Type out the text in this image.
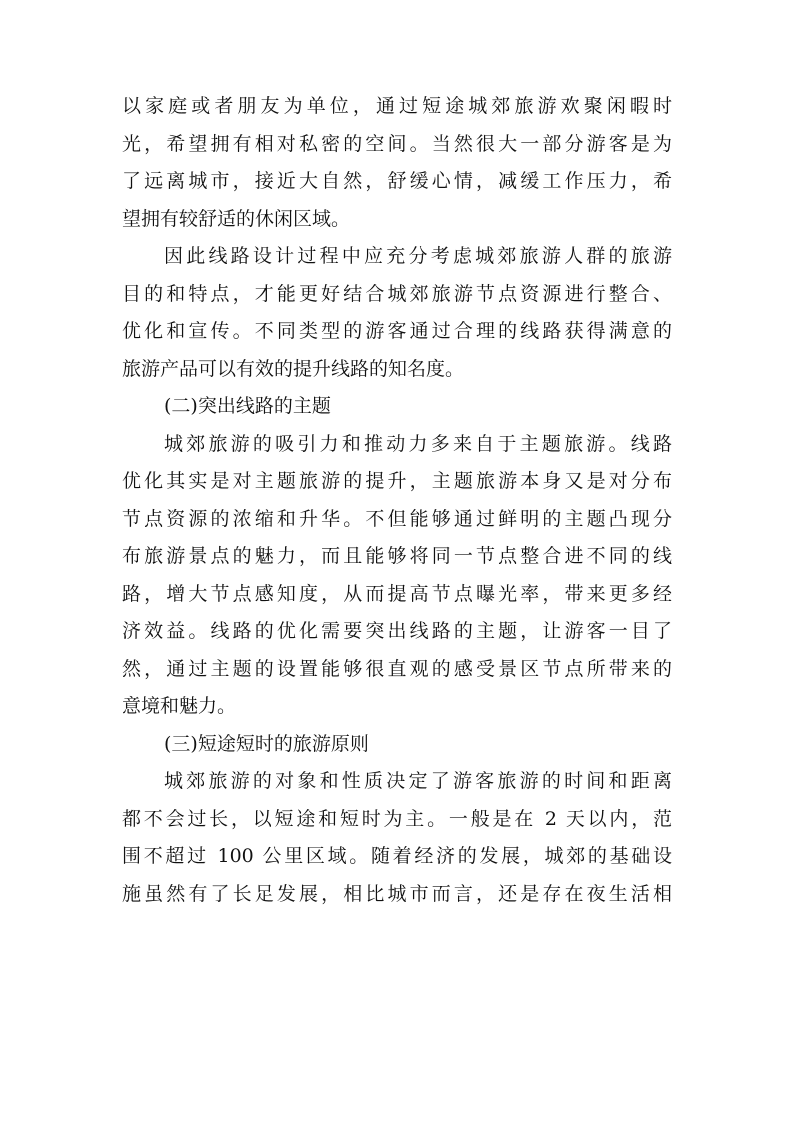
以家庭或者朋友为单位，通过短途城郊旅游欢聚闲暇时
光，希望拥有相对私密的空间。当然很大一部分游客是为
了远离城市，接近大自然，舒缓心情，减缓工作压力，希
望拥有较舒适的休闲区域。
因此线路设计过程中应充分考虑城郊旅游人群的旅游
目的和特点，才能更好结合城郊旅游节点资源进行整合、
优化和宣传。不同类型的游客通过合理的线路获得满意的
旅游产品可以有效的提升线路的知名度。
(二)突出线路的主题
城郊旅游的吸引力和推动力多来自于主题旅游。线路
优化其实是对主题旅游的提升，主题旅游本身又是对分布
节点资源的浓缩和升华。不但能够通过鲜明的主题凸现分
布旅游景点的魅力，而且能够将同一节点整合进不同的线
路，增大节点感知度，从而提高节点曝光率，带来更多经
济效益。线路的优化需要突出线路的主题，让游客一目了
然，通过主题的设置能够很直观的感受景区节点所带来的
意境和魅力。
(三)短途短时的旅游原则
城郊旅游的对象和性质决定了游客旅游的时间和距离
都不会过长，以短途和短时为主。一般是在 2 天以内，范
围不超过 100 公里区域。随着经济的发展，城郊的基础设
施虽然有了长足发展，相比城市而言，还是存在夜生活相
